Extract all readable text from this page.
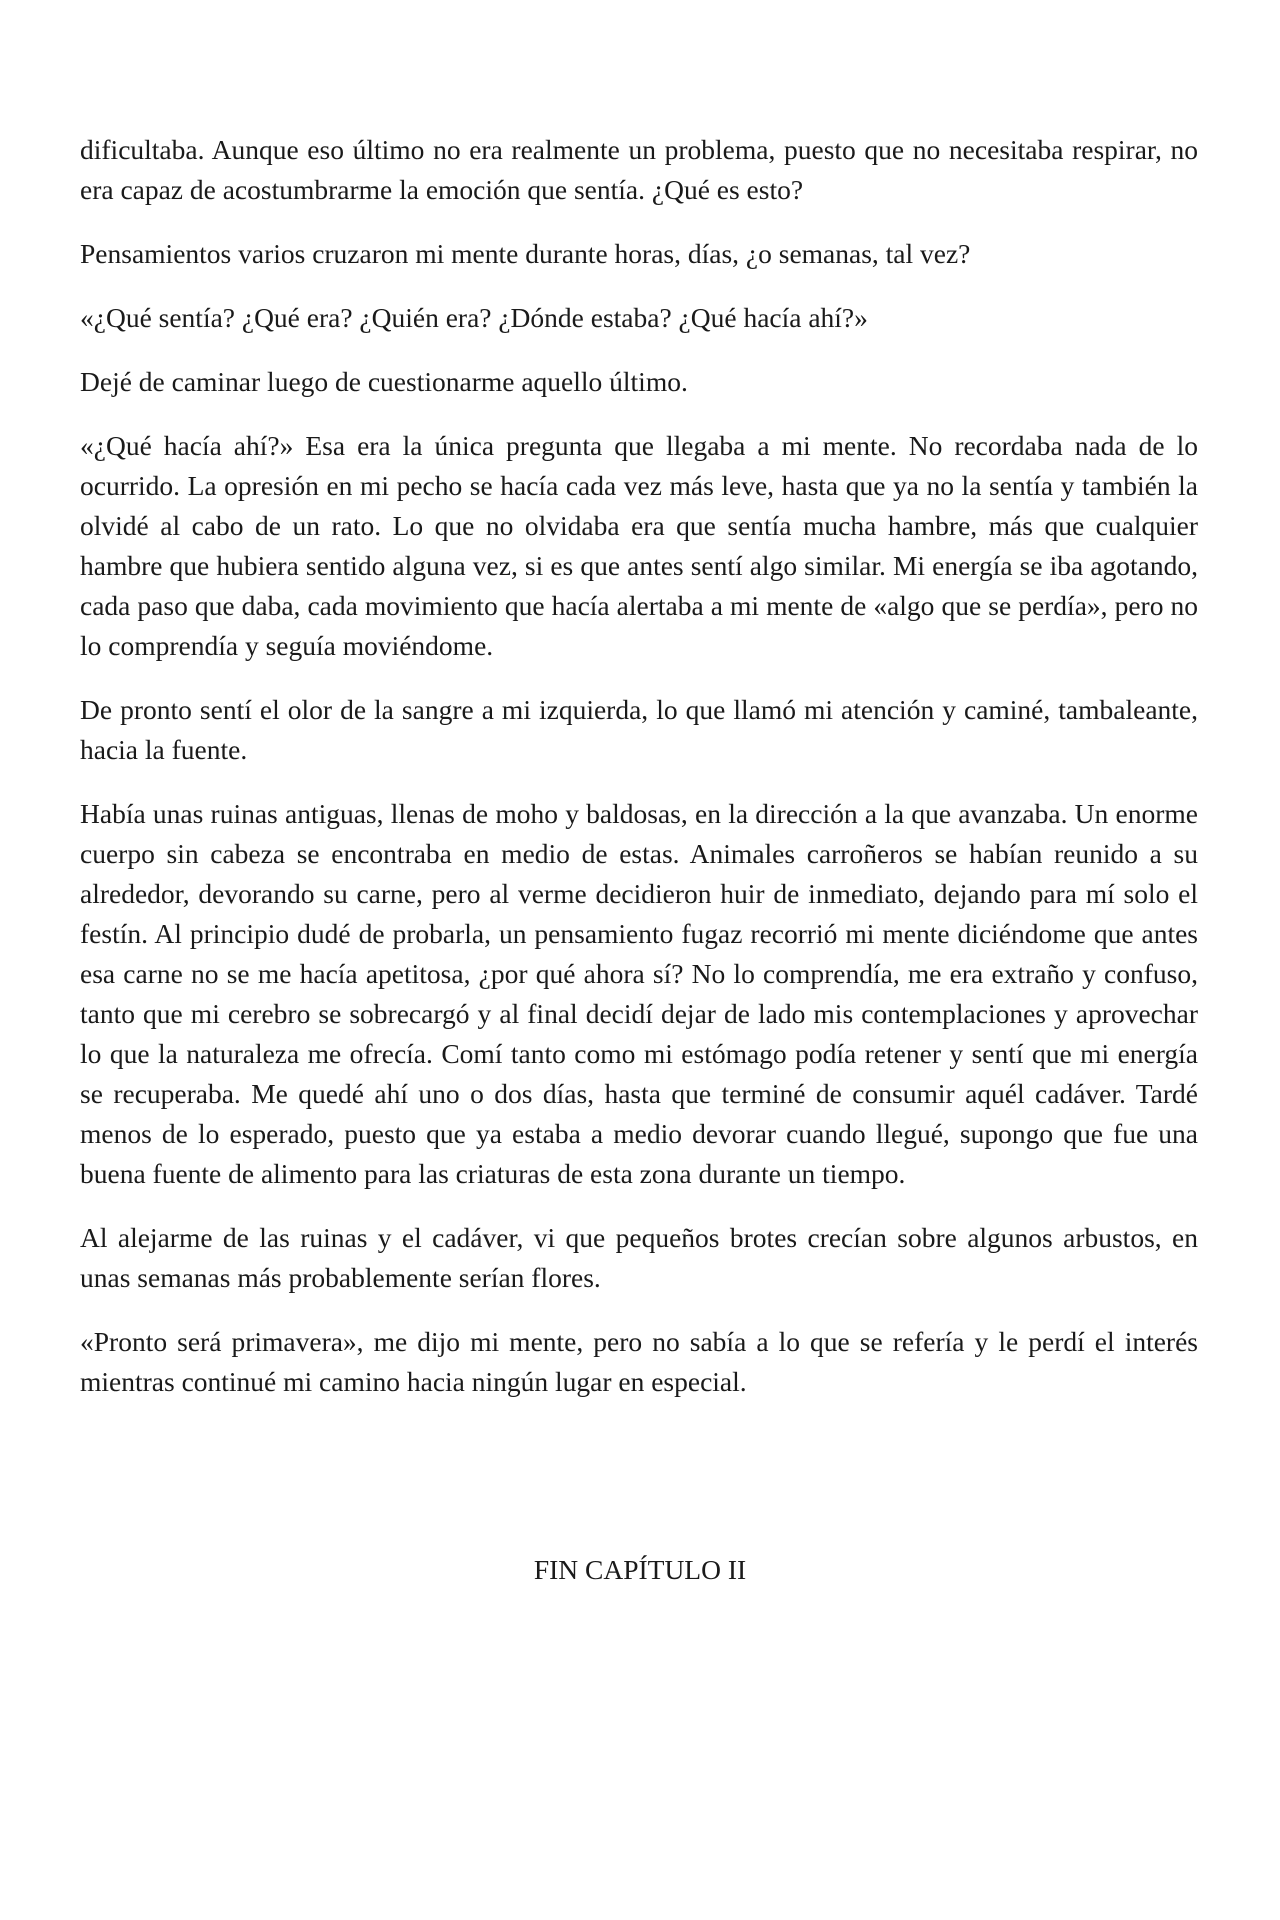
dificultaba. Aunque eso último no era realmente un problema, puesto que no necesitaba respirar, no era capaz de acostumbrarme la emoción que sentía. ¿Qué es esto?

Pensamientos varios cruzaron mi mente durante horas, días, ¿o semanas, tal vez?

«¿Qué sentía? ¿Qué era? ¿Quién era? ¿Dónde estaba? ¿Qué hacía ahí?»

Dejé de caminar luego de cuestionarme aquello último.

«¿Qué hacía ahí?» Esa era la única pregunta que llegaba a mi mente. No recordaba nada de lo ocurrido. La opresión en mi pecho se hacía cada vez más leve, hasta que ya no la sentía y también la olvidé al cabo de un rato. Lo que no olvidaba era que sentía mucha hambre, más que cualquier hambre que hubiera sentido alguna vez, si es que antes sentí algo similar. Mi energía se iba agotando, cada paso que daba, cada movimiento que hacía alertaba a mi mente de «algo que se perdía», pero no lo comprendía y seguía moviéndome.

De pronto sentí el olor de la sangre a mi izquierda, lo que llamó mi atención y caminé, tambaleante, hacia la fuente.

Había unas ruinas antiguas, llenas de moho y baldosas, en la dirección a la que avanzaba. Un enorme cuerpo sin cabeza se encontraba en medio de estas. Animales carroñeros se habían reunido a su alrededor, devorando su carne, pero al verme decidieron huir de inmediato, dejando para mí solo el festín. Al principio dudé de probarla, un pensamiento fugaz recorrió mi mente diciéndome que antes esa carne no se me hacía apetitosa, ¿por qué ahora sí? No lo comprendía, me era extraño y confuso, tanto que mi cerebro se sobrecargó y al final decidí dejar de lado mis contemplaciones y aprovechar lo que la naturaleza me ofrecía. Comí tanto como mi estómago podía retener y sentí que mi energía se recuperaba. Me quedé ahí uno o dos días, hasta que terminé de consumir aquél cadáver. Tardé menos de lo esperado, puesto que ya estaba a medio devorar cuando llegué, supongo que fue una buena fuente de alimento para las criaturas de esta zona durante un tiempo.

Al alejarme de las ruinas y el cadáver, vi que pequeños brotes crecían sobre algunos arbustos, en unas semanas más probablemente serían flores.

«Pronto será primavera», me dijo mi mente, pero no sabía a lo que se refería y le perdí el interés mientras continué mi camino hacia ningún lugar en especial.

FIN CAPÍTULO II
